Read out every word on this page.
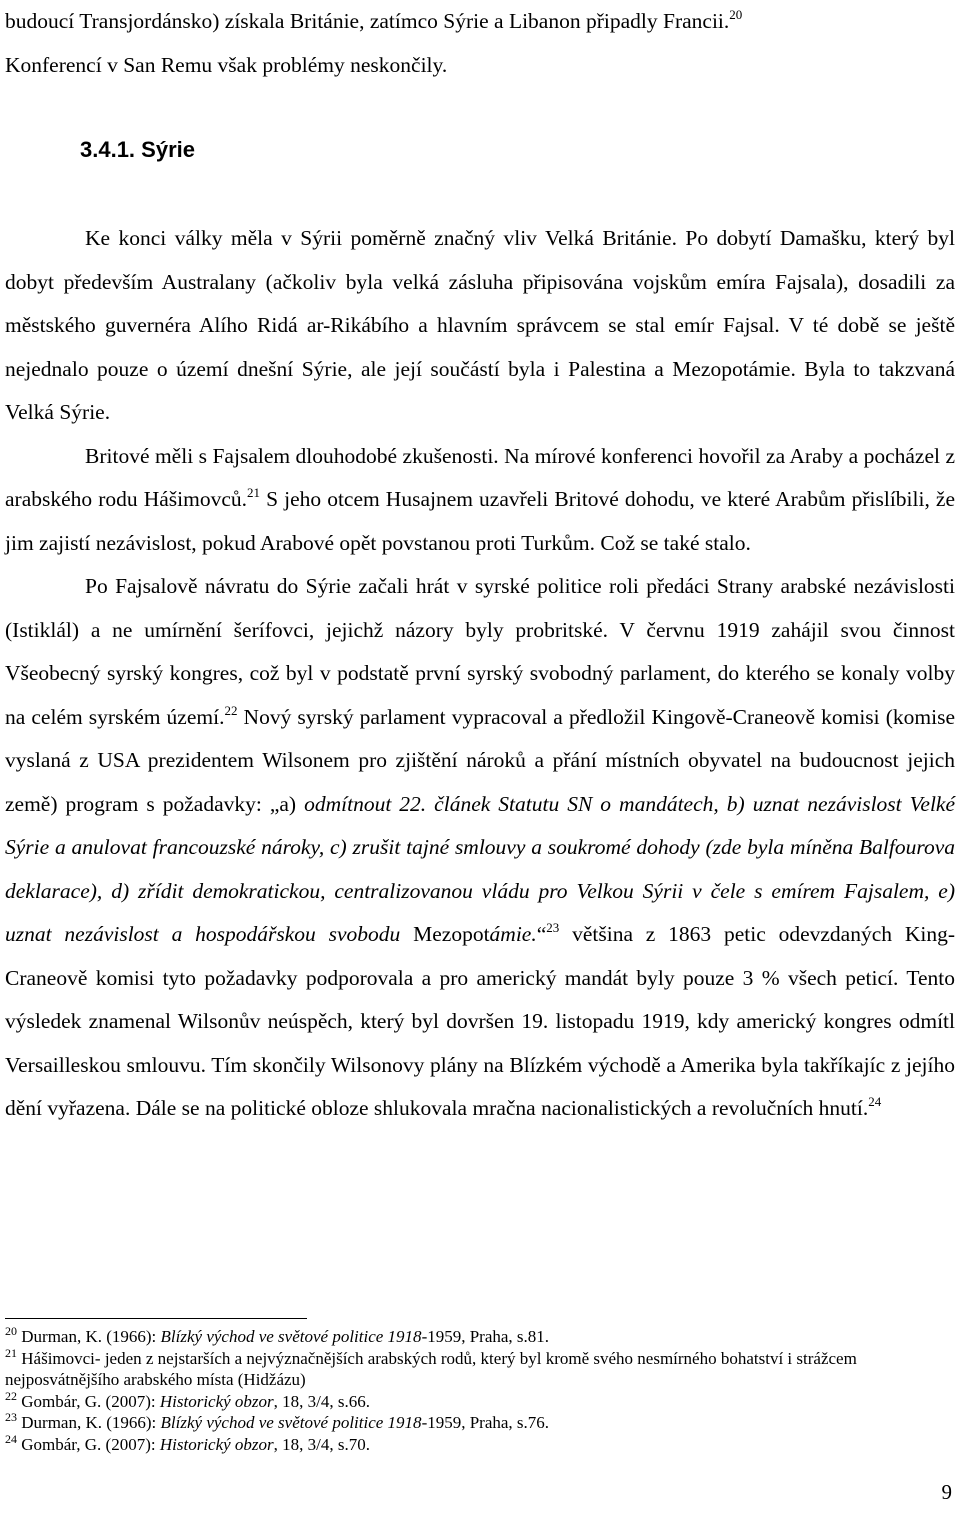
budoucí Transjordánsko) získala Británie, zatímco Sýrie a Libanon připadly Francii.$^{20}$
Konferencí v San Remu však problémy neskončily.

Ke konci války měla v Sýrii poměrně značný vliv Velká Británie. Po dobytí Damašku, který byl dobyt především Australany (ačkoliv byla velká zásluha připisována vojskům emíra Fajsala), dosadili za městského guvernéra Alího Ridá ar-Rikábího a hlavním správcem se stal emír Fajsal. V té době se ještě nejednalo pouze o území dnešní Sýrie, ale její součástí byla i Palestina a Mezopotámie. Byla to takzvaná Velká Sýrie.

Britové měli s Fajsalem dlouhodobé zkušenosti. Na mírové konferenci hovořil za Araby a pocházel z arabského rodu Hášimovců.$^{21}$ S jeho otcem Husajnem uzavřeli Britové dohodu, ve které Arabům přislíbili, že jim zajistí nezávislost, pokud Arabové opět povstanou proti Turkům. Což se také stalo.

Po Fajsalově návratu do Sýrie začali hrát v syrské politice roli předáci Strany arabské nezávislosti (Istiklál) a ne umírnění šerífovci, jejichž názory byly probritské. V červnu 1919 zahájil svou činnost Všeobecný syrský kongres, což byl v podstatě první syrský svobodný parlament, do kterého se konaly volby na celém syrském území.$^{22}$ Nový syrský parlament vypracoval a předložil Kingově-Craneově komisi (komise vyslaná z USA prezidentem Wilsonem pro zjištění nároků a přání místních obyvatel na budoucnost jejich země) program s požadavky: „a) odmítnout 22. článek Statutu SN o mandátech, b) uznat nezávislost Velké Sýrie a anulovat francouzské nároky, c) zrušit tajné smlouvy a soukromé dohody (zde byla míněna Balfourova deklarace), d) zřídit demokratickou, centralizovanou vládu pro Velkou Sýrii v čele s emírem Fajsalem, e) uznat nezávislost a hospodářskou svobodu Mezopotámie.“$^{23}$ většina z 1863 petic odevzdaných King-Craneově komisi tyto požadavky podporovala a pro americký mandát byly pouze 3 % všech peticí. Tento výsledek znamenal Wilsonův neúspěch, který byl dovršen 19. listopadu 1919, kdy americký kongres odmítl Versailleskou smlouvu. Tím skončily Wilsonovy plány na Blízkém východě a Amerika byla takříkajíc z jejího dění vyřazena. Dále se na politické obloze shlukovala mračna nacionalistických a revolučních hnutí.$^{24}$

3.4.1. Sýrie

$^{20}$ Durman, K. (1966): Blízký východ ve světové politice 1918-1959, Praha, s.81.

$^{21}$ Hášimovci- jeden z nejstarších a nejvýznačnějších arabských rodů, který byl kromě svého nesmírného bohatství i strážcem nejposvátnějšího arabského místa (Hidžázu)

$^{22}$ Gombár, G. (2007): Historický obzor, 18, 3/4, s.66.

$^{23}$ Durman, K. (1966): Blízký východ ve světové politice 1918-1959, Praha, s.76.

$^{24}$ Gombár, G. (2007): Historický obzor, 18, 3/4, s.70.

9
